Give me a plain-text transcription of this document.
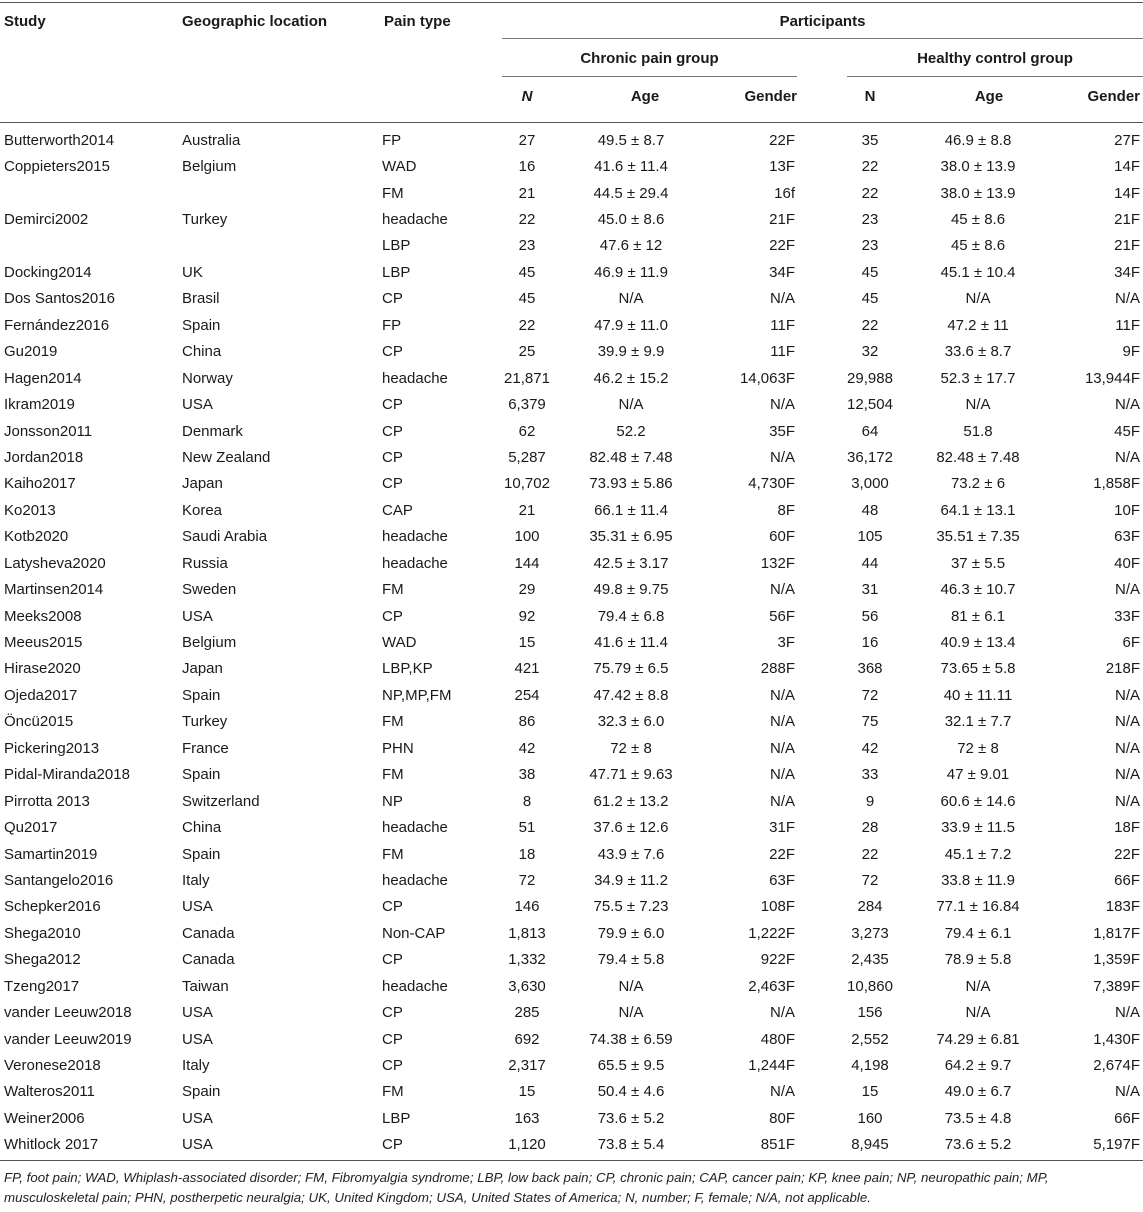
Study	Geographic location	Pain type	Participants
Chronic pain group	Healthy control group
N	Age	Gender	N	Age	Gender
Butterworth2014	Australia	FP	27	49.5 ± 8.7	22F		35	46.9 ± 8.8	27F
Coppieters2015	Belgium	WAD	16	41.6 ± 11.4	13F		22	38.0 ± 13.9	14F
		FM	21	44.5 ± 29.4	16f		22	38.0 ± 13.9	14F
Demirci2002	Turkey	headache	22	45.0 ± 8.6	21F		23	45 ± 8.6	21F
		LBP	23	47.6 ± 12	22F		23	45 ± 8.6	21F
Docking2014	UK	LBP	45	46.9 ± 11.9	34F		45	45.1 ± 10.4	34F
Dos Santos2016	Brasil	CP	45	N/A	N/A		45	N/A	N/A
Fernández2016	Spain	FP	22	47.9 ± 11.0	11F		22	47.2 ± 11	11F
Gu2019	China	CP	25	39.9 ± 9.9	11F		32	33.6 ± 8.7	9F
Hagen2014	Norway	headache	21,871	46.2 ± 15.2	14,063F		29,988	52.3 ± 17.7	13,944F
Ikram2019	USA	CP	6,379	N/A	N/A		12,504	N/A	N/A
Jonsson2011	Denmark	CP	62	52.2	35F		64	51.8	45F
Jordan2018	New Zealand	CP	5,287	82.48 ± 7.48	N/A		36,172	82.48 ± 7.48	N/A
Kaiho2017	Japan	CP	10,702	73.93 ± 5.86	4,730F		3,000	73.2 ± 6	1,858F
Ko2013	Korea	CAP	21	66.1 ± 11.4	8F		48	64.1 ± 13.1	10F
Kotb2020	Saudi Arabia	headache	100	35.31 ± 6.95	60F		105	35.51 ± 7.35	63F
Latysheva2020	Russia	headache	144	42.5 ± 3.17	132F		44	37 ± 5.5	40F
Martinsen2014	Sweden	FM	29	49.8 ± 9.75	N/A		31	46.3 ± 10.7	N/A
Meeks2008	USA	CP	92	79.4 ± 6.8	56F		56	81 ± 6.1	33F
Meeus2015	Belgium	WAD	15	41.6 ± 11.4	3F		16	40.9 ± 13.4	6F
Hirase2020	Japan	LBP,KP	421	75.79 ± 6.5	288F		368	73.65 ± 5.8	218F
Ojeda2017	Spain	NP,MP,FM	254	47.42 ± 8.8	N/A		72	40 ± 11.11	N/A
Öncü2015	Turkey	FM	86	32.3 ± 6.0	N/A		75	32.1 ± 7.7	N/A
Pickering2013	France	PHN	42	72 ± 8	N/A		42	72 ± 8	N/A
Pidal-Miranda2018	Spain	FM	38	47.71 ± 9.63	N/A		33	47 ± 9.01	N/A
Pirrotta 2013	Switzerland	NP	8	61.2 ± 13.2	N/A		9	60.6 ± 14.6	N/A
Qu2017	China	headache	51	37.6 ± 12.6	31F		28	33.9 ± 11.5	18F
Samartin2019	Spain	FM	18	43.9 ± 7.6	22F		22	45.1 ± 7.2	22F
Santangelo2016	Italy	headache	72	34.9 ± 11.2	63F		72	33.8 ± 11.9	66F
Schepker2016	USA	CP	146	75.5 ± 7.23	108F		284	77.1 ± 16.84	183F
Shega2010	Canada	Non-CAP	1,813	79.9 ± 6.0	1,222F		3,273	79.4 ± 6.1	1,817F
Shega2012	Canada	CP	1,332	79.4 ± 5.8	922F		2,435	78.9 ± 5.8	1,359F
Tzeng2017	Taiwan	headache	3,630	N/A	2,463F		10,860	N/A	7,389F
vander Leeuw2018	USA	CP	285	N/A	N/A		156	N/A	N/A
vander Leeuw2019	USA	CP	692	74.38 ± 6.59	480F		2,552	74.29 ± 6.81	1,430F
Veronese2018	Italy	CP	2,317	65.5 ± 9.5	1,244F		4,198	64.2 ± 9.7	2,674F
Walteros2011	Spain	FM	15	50.4 ± 4.6	N/A		15	49.0 ± 6.7	N/A
Weiner2006	USA	LBP	163	73.6 ± 5.2	80F		160	73.5 ± 4.8	66F
Whitlock 2017	USA	CP	1,120	73.8 ± 5.4	851F		8,945	73.6 ± 5.2	5,197F
FP, foot pain; WAD, Whiplash-associated disorder; FM, Fibromyalgia syndrome; LBP, low back pain; CP, chronic pain; CAP, cancer pain; KP, knee pain; NP, neuropathic pain; MP, musculoskeletal pain; PHN, postherpetic neuralgia; UK, United Kingdom; USA, United States of America; N, number; F, female; N/A, not applicable.
